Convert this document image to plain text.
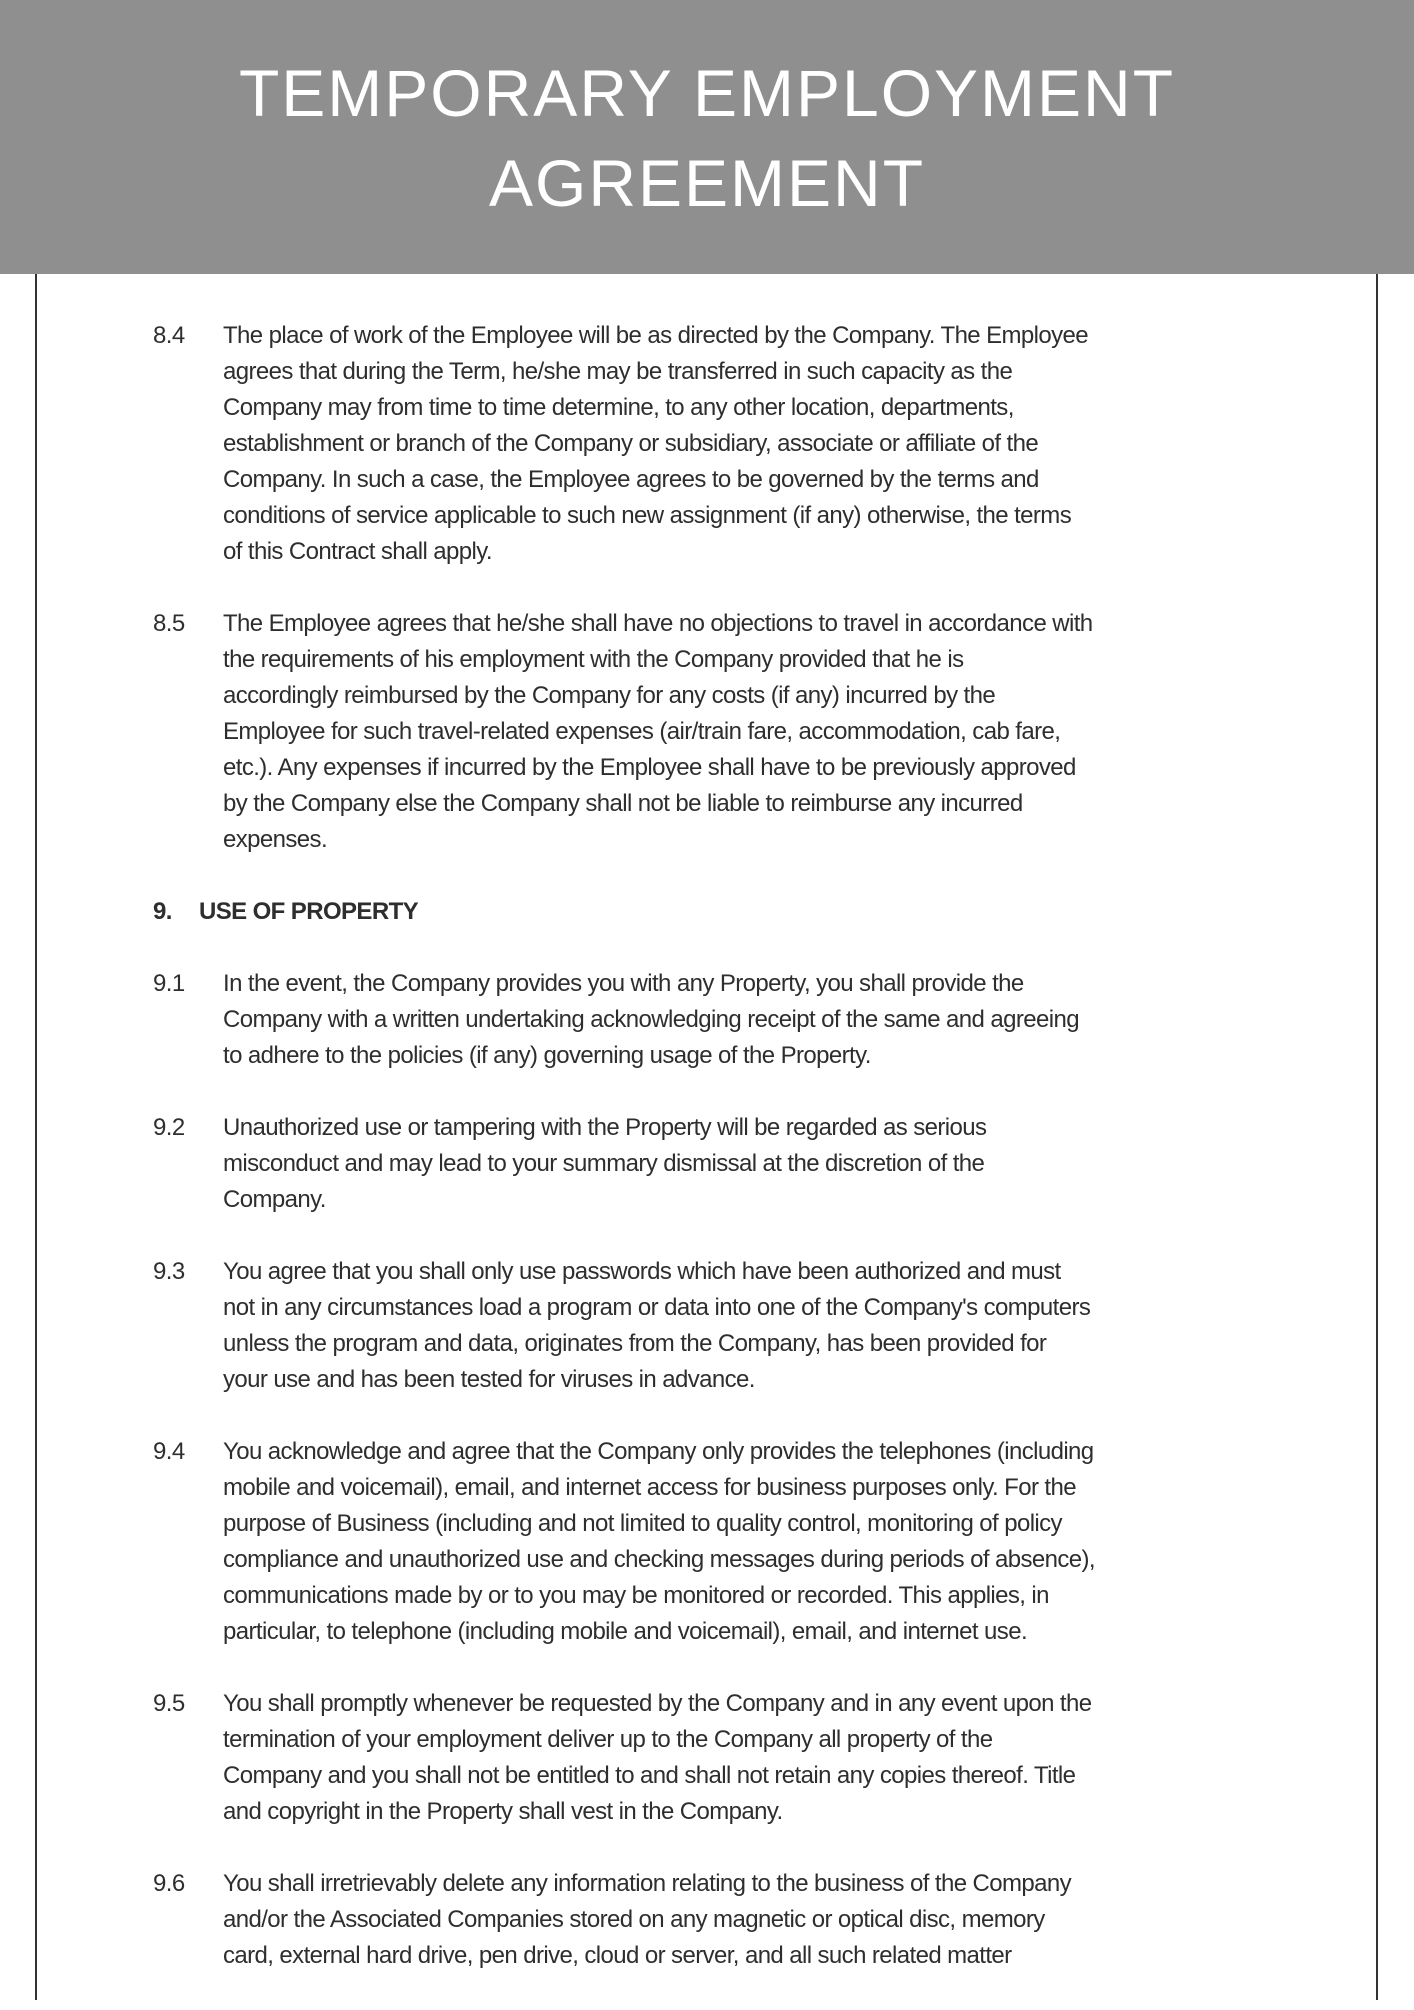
TEMPORARY EMPLOYMENT
AGREEMENT
8.4 The place of work of the Employee will be as directed by the Company. The Employee
agrees that during the Term, he/she may be transferred in such capacity as the
Company may from time to time determine, to any other location, departments,
establishment or branch of the Company or subsidiary, associate or affiliate of the
Company. In such a case, the Employee agrees to be governed by the terms and
conditions of service applicable to such new assignment (if any) otherwise, the terms
of this Contract shall apply.
8.5 The Employee agrees that he/she shall have no objections to travel in accordance with
the requirements of his employment with the Company provided that he is
accordingly reimbursed by the Company for any costs (if any) incurred by the
Employee for such travel-related expenses (air/train fare, accommodation, cab fare,
etc.). Any expenses if incurred by the Employee shall have to be previously approved
by the Company else the Company shall not be liable to reimburse any incurred
expenses.
9. USE OF PROPERTY
9.1 In the event, the Company provides you with any Property, you shall provide the
Company with a written undertaking acknowledging receipt of the same and agreeing
to adhere to the policies (if any) governing usage of the Property.
9.2 Unauthorized use or tampering with the Property will be regarded as serious
misconduct and may lead to your summary dismissal at the discretion of the
Company.
9.3 You agree that you shall only use passwords which have been authorized and must
not in any circumstances load a program or data into one of the Company's computers
unless the program and data, originates from the Company, has been provided for
your use and has been tested for viruses in advance.
9.4 You acknowledge and agree that the Company only provides the telephones (including
mobile and voicemail), email, and internet access for business purposes only. For the
purpose of Business (including and not limited to quality control, monitoring of policy
compliance and unauthorized use and checking messages during periods of absence),
communications made by or to you may be monitored or recorded. This applies, in
particular, to telephone (including mobile and voicemail), email, and internet use.
9.5 You shall promptly whenever be requested by the Company and in any event upon the
termination of your employment deliver up to the Company all property of the
Company and you shall not be entitled to and shall not retain any copies thereof. Title
and copyright in the Property shall vest in the Company.
9.6 You shall irretrievably delete any information relating to the business of the Company
and/or the Associated Companies stored on any magnetic or optical disc, memory
card, external hard drive, pen drive, cloud or server, and all such related matter
